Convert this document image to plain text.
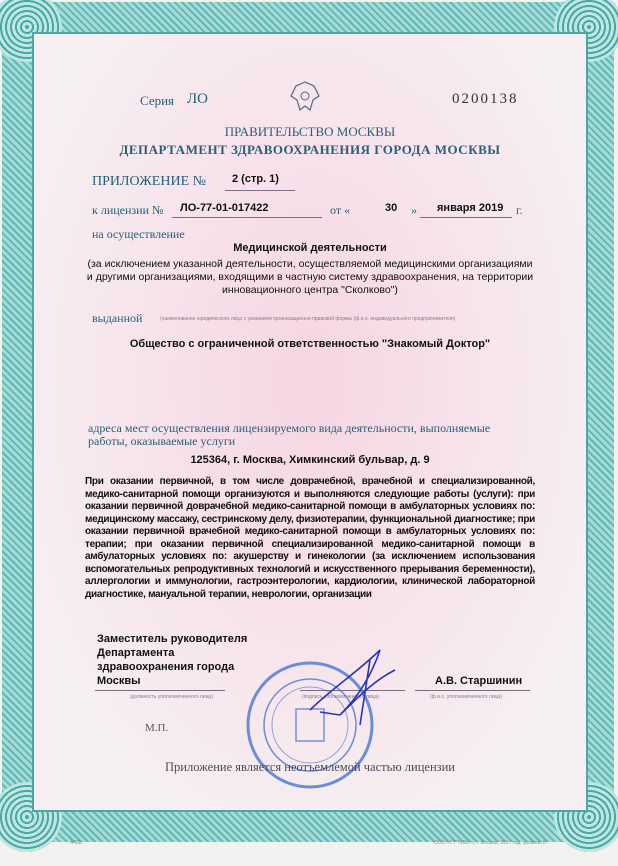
Серия ЛО	0200138
ПРАВИТЕЛЬСТВО МОСКВЫ
ДЕПАРТАМЕНТ ЗДРАВООХРАНЕНИЯ ГОРОДА МОСКВЫ
ПРИЛОЖЕНИЕ № 2 (стр. 1)
к лицензии № ЛО-77-01-017422	от «	30 » января 2019 г.
на осуществление
Медицинской деятельности
(за исключением указанной деятельности, осуществляемой медицинскими организациями и другими организациями, входящими в частную систему здравоохранения, на территории инновационного центра "Сколково")
выданной	(наименование юридического лица с указанием организационно-правовой формы (ф.и.о. индивидуального предпринимателя)
Общество с ограниченной ответственностью "Знакомый Доктор"
адреса мест осуществления лицензируемого вида деятельности, выполняемые работы, оказываемые услуги
125364, г. Москва, Химкинский бульвар, д. 9
При оказании первичной, в том числе доврачебной, врачебной и специализированной, медико-санитарной помощи организуются и выполняются следующие работы (услуги): при оказании первичной доврачебной медико-санитарной помощи в амбулаторных условиях по: медицинскому массажу, сестринскому делу, физиотерапии, функциональной диагностике; при оказании первичной врачебной медико-санитарной помощи в амбулаторных условиях по: терапии; при оказании первичной специализированной медико-санитарной помощи в амбулаторных условиях по: акушерству и гинекологии (за исключением использования вспомогательных репродуктивных технологий и искусственного прерывания беременности), аллергологии и иммунологии, гастроэнтерологии, кардиологии, клинической лабораторной диагностике, мануальной терапии, неврологии, организации
Заместитель руководителя
Департамента
здравоохранения города
Москвы	А.В. Старшинин
(должность уполномоченного лица)	(подпись уполномоченного лица)	(ф.и.о. уполномоченного лица)
М.П.
Приложение является неотъемлемой частью лицензии
А428	ООО «ГТ"ТИМ»», г. Москва, 2017 год, уровень В
